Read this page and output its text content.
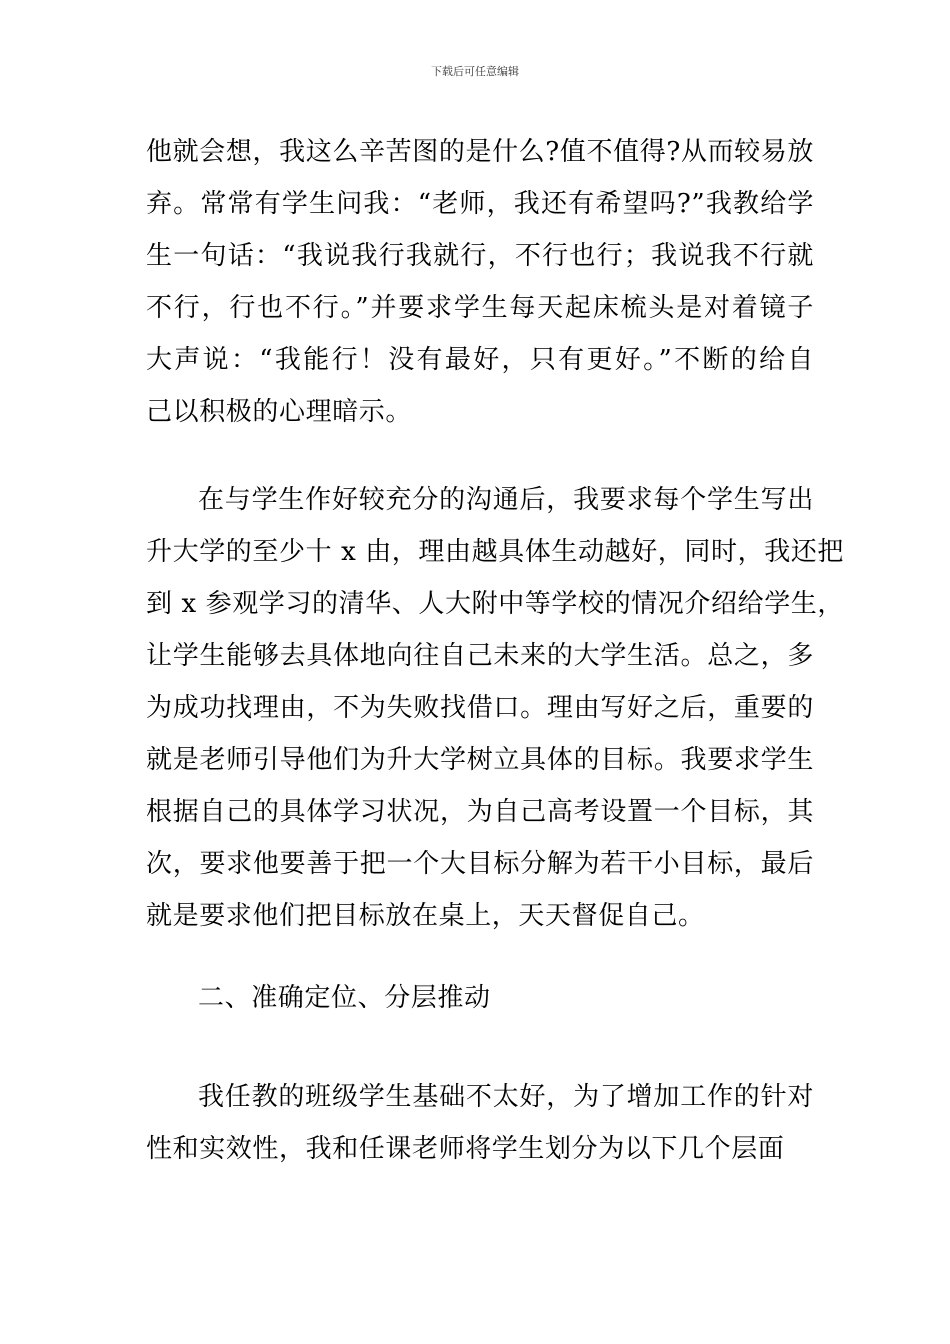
下载后可任意编辑
他就会想，我这么辛苦图的是什么?值不值得?从而较易放
弃。常常有学生问我：“老师，我还有希望吗?”我教给学
生一句话：“我说我行我就行，不行也行；我说我不行就
不行，行也不行。”并要求学生每天起床梳头是对着镜子
大声说：“我能行！没有最好，只有更好。”不断的给自
己以积极的心理暗示。
在与学生作好较充分的沟通后，我要求每个学生写出
升大学的至少十 x 由，理由越具体生动越好，同时，我还把
到 x 参观学习的清华、人大附中等学校的情况介绍给学生，
让学生能够去具体地向往自己未来的大学生活。总之，多
为成功找理由，不为失败找借口。理由写好之后，重要的
就是老师引导他们为升大学树立具体的目标。我要求学生
根据自己的具体学习状况，为自己高考设置一个目标，其
次，要求他要善于把一个大目标分解为若干小目标，最后
就是要求他们把目标放在桌上，天天督促自己。
二、准确定位、分层推动
我任教的班级学生基础不太好，为了增加工作的针对
性和实效性，我和任课老师将学生划分为以下几个层面
